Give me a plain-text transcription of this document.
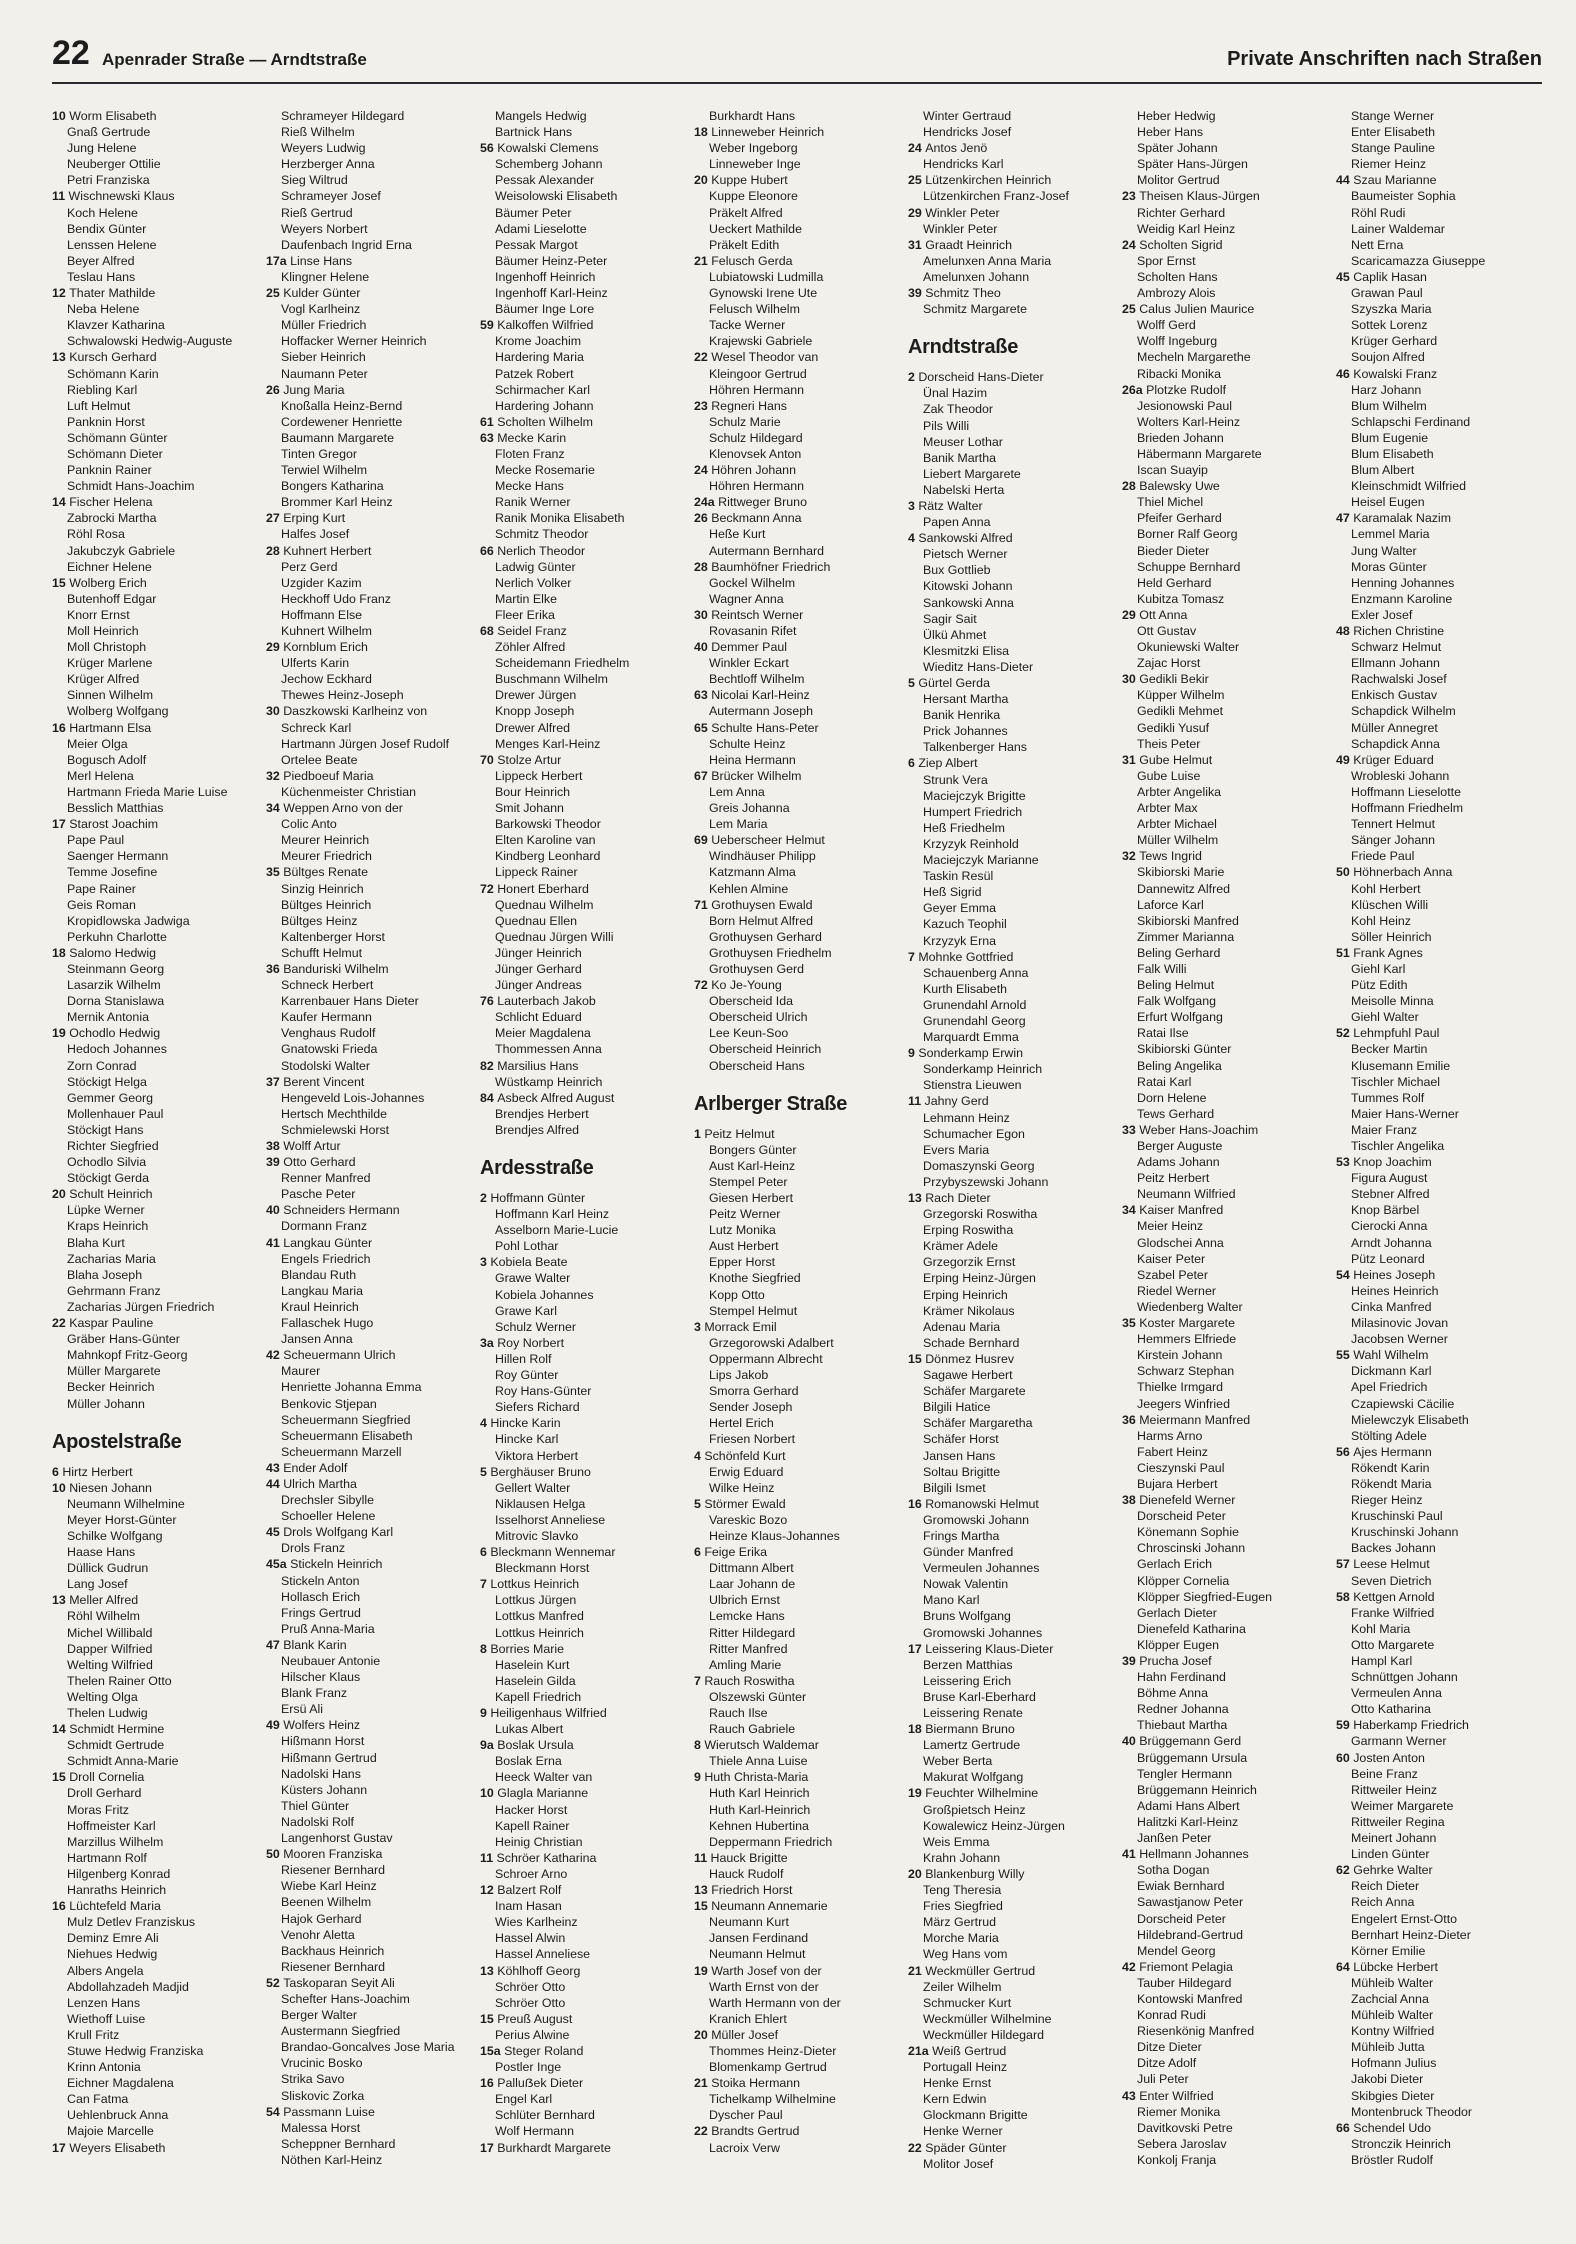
22 Apenrader Straße — Arndtstraße	Private Anschriften nach Straßen
10 Worm Elisabeth
Gnaß Gertrude
Jung Helene
Neuberger Ottilie
Petri Franziska
11 Wischnewski Klaus
Koch Helene
Bendix Günter
Lenssen Helene
Beyer Alfred
Teslau Hans
12 Thater Mathilde
Neba Helene
Klavzer Katharina
Schwalowski Hedwig-Auguste
13 Kursch Gerhard
Schömann Karin
Riebling Karl
Luft Helmut
Panknin Horst
Schömann Günter
Schömann Dieter
Panknin Rainer
Schmidt Hans-Joachim
14 Fischer Helena
Zabrocki Martha
Röhl Rosa
Jakubczyk Gabriele
Eichner Helene
15 Wolberg Erich
Butenhoff Edgar
Knorr Ernst
Moll Heinrich
Moll Christoph
Krüger Marlene
Krüger Alfred
Sinnen Wilhelm
Wolberg Wolfgang
16 Hartmann Elsa
Meier Olga
Bogusch Adolf
Merl Helena
Hartmann Frieda Marie Luise
Besslich Matthias
17 Starost Joachim
Pape Paul
Saenger Hermann
Temme Josefine
Pape Rainer
Geis Roman
Kropidlowska Jadwiga
Perkuhn Charlotte
18 Salomo Hedwig
Steinmann Georg
Lasarzik Wilhelm
Dorna Stanislawa
Mernik Antonia
19 Ochodlo Hedwig
Hedoch Johannes
Zorn Conrad
Stöckigt Helga
Gemmer Georg
Mollenhauer Paul
Stöckigt Hans
Richter Siegfried
Ochodlo Silvia
Stöckigt Gerda
20 Schult Heinrich
Lüpke Werner
Kraps Heinrich
Blaha Kurt
Zacharias Maria
Blaha Joseph
Gehrmann Franz
Zacharias Jürgen Friedrich
22 Kaspar Pauline
Gräber Hans-Günter
Mahnkopf Fritz-Georg
Müller Margarete
Becker Heinrich
Müller Johann
Apostelstraße
6 Hirtz Herbert
10 Niesen Johann
Neumann Wilhelmine
Meyer Horst-Günter
Schilke Wolfgang
Haase Hans
Düllick Gudrun
Lang Josef
13 Meller Alfred
Röhl Wilhelm
Michel Willibald
Dapper Wilfried
Welting Wilfried
Thelen Rainer Otto
Welting Olga
Thelen Ludwig
14 Schmidt Hermine
Schmidt Gertrude
Schmidt Anna-Marie
15 Droll Cornelia
Droll Gerhard
Moras Fritz
Hoffmeister Karl
Marzillus Wilhelm
Hartmann Rolf
Hilgenberg Konrad
Hanraths Heinrich
16 Lüchtefeld Maria
Mulz Detlev Franziskus
Deminz Emre Ali
Niehues Hedwig
Albers Angela
Abdollahzadeh Madjid
Lenzen Hans
Wiethoff Luise
Krull Fritz
Stuwe Hedwig Franziska
Krinn Antonia
Eichner Magdalena
Can Fatma
Uehlenbruck Anna
Majoie Marcelle
17 Weyers Elisabeth
Schrameyer Hildegard
Rieß Wilhelm
Weyers Ludwig
Herzberger Anna
Sieg Wiltrud
Schrameyer Josef
Rieß Gertrud
Weyers Norbert
Daufenbach Ingrid Erna
17a Linse Hans
Klingner Helene
25 Kulder Günter
Vogl Karlheinz
Müller Friedrich
Hoffacker Werner Heinrich
Sieber Heinrich
Naumann Peter
26 Jung Maria
Knoßalla Heinz-Bernd
Cordewener Henriette
Baumann Margarete
Tinten Gregor
Terwiel Wilhelm
Bongers Katharina
Brommer Karl Heinz
27 Erping Kurt
Halfes Josef
28 Kuhnert Herbert
Perz Gerd
Uzgider Kazim
Heckhoff Udo Franz
Hoffmann Else
Kuhnert Wilhelm
29 Kornblum Erich
Ulferts Karin
Jechow Eckhard
Thewes Heinz-Joseph
30 Daszkowski Karlheinz von
Schreck Karl
Hartmann Jürgen Josef Rudolf
Ortelee Beate
32 Piedboeuf Maria
Küchenmeister Christian
34 Weppen Arno von der
Colic Anto
Meurer Heinrich
Meurer Friedrich
35 Bültges Renate
Sinzig Heinrich
Bültges Heinrich
Bültges Heinz
Kaltenberger Horst
Schufft Helmut
36 Banduriski Wilhelm
Schneck Herbert
Karrenbauer Hans Dieter
Kaufer Hermann
Venghaus Rudolf
Gnatowski Frieda
Stodolski Walter
37 Berent Vincent
Hengeveld Lois-Johannes
Hertsch Mechthilde
Schmielewski Horst
38 Wolff Artur
39 Otto Gerhard
Renner Manfred
Pasche Peter
40 Schneiders Hermann
Dormann Franz
41 Langkau Günter
Engels Friedrich
Blandau Ruth
Langkau Maria
Kraul Heinrich
Fallaschek Hugo
Jansen Anna
42 Scheuermann Ulrich
Maurer
Henriette Johanna Emma
Benkovic Stjepan
Scheuermann Siegfried
Scheuermann Elisabeth
Scheuermann Marzell
43 Ender Adolf
44 Ulrich Martha
Drechsler Sibylle
Schoeller Helene
45 Drols Wolfgang Karl
Drols Franz
45a Stickeln Heinrich
Stickeln Anton
Hollasch Erich
Frings Gertrud
Pruß Anna-Maria
47 Blank Karin
Neubauer Antonie
Hilscher Klaus
Blank Franz
Ersü Ali
49 Wolfers Heinz
Hißmann Horst
Hißmann Gertrud
Nadolski Hans
Küsters Johann
Thiel Günter
Nadolski Rolf
Langenhorst Gustav
50 Mooren Franziska
Riesener Bernhard
Wiebe Karl Heinz
Beenen Wilhelm
Hajok Gerhard
Venohr Aletta
Backhaus Heinrich
Riesener Bernhard
52 Taskoparan Seyit Ali
Schefter Hans-Joachim
Berger Walter
Austermann Siegfried
Brandao-Goncalves Jose Maria
Vrucinic Bosko
Strika Savo
Sliskovic Zorka
54 Passmann Luise
Malessa Horst
Scheppner Bernhard
Nöthen Karl-Heinz
Mangels Hedwig
Bartnick Hans
56 Kowalski Clemens
Schemberg Johann
Pessak Alexander
Weisolowski Elisabeth
Bäumer Peter
Adami Lieselotte
Pessak Margot
Bäumer Heinz-Peter
Ingenhoff Heinrich
Ingenhoff Karl-Heinz
Bäumer Inge Lore
59 Kalkoffen Wilfried
Krome Joachim
Hardering Maria
Patzek Robert
Schirmacher Karl
Hardering Johann
61 Scholten Wilhelm
63 Mecke Karin
Floten Franz
Mecke Rosemarie
Mecke Hans
Ranik Werner
Ranik Monika Elisabeth
Schmitz Theodor
66 Nerlich Theodor
Ladwig Günter
Nerlich Volker
Martin Elke
Fleer Erika
68 Seidel Franz
Zöhler Alfred
Scheidemann Friedhelm
Buschmann Wilhelm
Drewer Jürgen
Knopp Joseph
Drewer Alfred
Menges Karl-Heinz
70 Stolze Artur
Lippeck Herbert
Bour Heinrich
Smit Johann
Barkowski Theodor
Elten Karoline van
Kindberg Leonhard
Lippeck Rainer
72 Honert Eberhard
Quednau Wilhelm
Quednau Ellen
Quednau Jürgen Willi
Jünger Heinrich
Jünger Gerhard
Jünger Andreas
76 Lauterbach Jakob
Schlicht Eduard
Meier Magdalena
Thommessen Anna
82 Marsilius Hans
Wüstkamp Heinrich
84 Asbeck Alfred August
Brendjes Herbert
Brendjes Alfred
Ardesstraße
2 Hoffmann Günter
Hoffmann Karl Heinz
Asselborn Marie-Lucie
Pohl Lothar
3 Kobiela Beate
Grawe Walter
Kobiela Johannes
Grawe Karl
Schulz Werner
3a Roy Norbert
Hillen Rolf
Roy Günter
Roy Hans-Günter
Siefers Richard
4 Hincke Karin
Hincke Karl
Viktora Herbert
5 Berghäuser Bruno
Gellert Walter
Niklausen Helga
Isselhorst Anneliese
Mitrovic Slavko
6 Bleckmann Wennemar
Bleckmann Horst
7 Lottkus Heinrich
Lottkus Jürgen
Lottkus Manfred
Lottkus Heinrich
8 Borries Marie
Haselein Kurt
Haselein Gilda
Kapell Friedrich
9 Heiligenhaus Wilfried
Lukas Albert
9a Boslak Ursula
Boslak Erna
Heeck Walter van
10 Glagla Marianne
Hacker Horst
Kapell Rainer
Heinig Christian
11 Schröer Katharina
Schroer Arno
12 Balzert Rolf
Inam Hasan
Wies Karlheinz
Hassel Alwin
Hassel Anneliese
13 Köhlhoff Georg
Schröer Otto
Schröer Otto
15 Preuß August
Perius Alwine
15a Steger Roland
Postler Inge
16 Palluẞek Dieter
Engel Karl
Schlüter Bernhard
Wolf Hermann
17 Burkhardt Margarete
Burkhardt Hans
18 Linneweber Heinrich
Weber Ingeborg
Linneweber Inge
20 Kuppe Hubert
Kuppe Eleonore
Präkelt Alfred
Ueckert Mathilde
Präkelt Edith
21 Felusch Gerda
Lubiatowski Ludmilla
Gynowski Irene Ute
Felusch Wilhelm
Tacke Werner
Krajewski Gabriele
22 Wesel Theodor van
Kleingoor Gertrud
Höhren Hermann
23 Regneri Hans
Schulz Marie
Schulz Hildegard
Klenovsek Anton
24 Höhren Johann
Höhren Hermann
24a Rittweger Bruno
26 Beckmann Anna
Heße Kurt
Autermann Bernhard
28 Baumhöfner Friedrich
Gockel Wilhelm
Wagner Anna
30 Reintsch Werner
Rovasanin Rifet
40 Demmer Paul
Winkler Eckart
Bechtloff Wilhelm
63 Nicolai Karl-Heinz
Autermann Joseph
65 Schulte Hans-Peter
Schulte Heinz
Heina Hermann
67 Brücker Wilhelm
Lem Anna
Greis Johanna
Lem Maria
69 Ueberscheer Helmut
Windhäuser Philipp
Katzmann Alma
Kehlen Almine
71 Grothuysen Ewald
Born Helmut Alfred
Grothuysen Gerhard
Grothuysen Friedhelm
Grothuysen Gerd
72 Ko Je-Young
Oberscheid Ida
Oberscheid Ulrich
Lee Keun-Soo
Oberscheid Heinrich
Oberscheid Hans
Arlberger Straße
1 Peitz Helmut
Bongers Günter
Aust Karl-Heinz
Stempel Peter
Giesen Herbert
Peitz Werner
Lutz Monika
Aust Herbert
Epper Horst
Knothe Siegfried
Kopp Otto
Stempel Helmut
3 Morrack Emil
Grzegorowski Adalbert
Oppermann Albrecht
Lips Jakob
Smorra Gerhard
Sender Joseph
Hertel Erich
Friesen Norbert
4 Schönfeld Kurt
Erwig Eduard
Wilke Heinz
5 Störmer Ewald
Vareskic Bozo
Heinze Klaus-Johannes
6 Feige Erika
Dittmann Albert
Laar Johann de
Ulbrich Ernst
Lemcke Hans
Ritter Hildegard
Ritter Manfred
Amling Marie
7 Rauch Roswitha
Olszewski Günter
Rauch Ilse
Rauch Gabriele
8 Wierutsch Waldemar
Thiele Anna Luise
9 Huth Christa-Maria
Huth Karl Heinrich
Huth Karl-Heinrich
Kehnen Hubertina
Deppermann Friedrich
11 Hauck Brigitte
Hauck Rudolf
13 Friedrich Horst
15 Neumann Annemarie
Neumann Kurt
Jansen Ferdinand
Neumann Helmut
19 Warth Josef von der
Warth Ernst von der
Warth Hermann von der
Kranich Ehlert
20 Müller Josef
Thommes Heinz-Dieter
Blomenkamp Gertrud
21 Stoika Hermann
Tichelkamp Wilhelmine
Dyscher Paul
22 Brandts Gertrud
Lacroix Verw
Winter Gertraud
Hendricks Josef
24 Antos Jenö
Hendricks Karl
25 Lützenkirchen Heinrich
Lützenkirchen Franz-Josef
29 Winkler Peter
Winkler Peter
31 Graadt Heinrich
Amelunxen Anna Maria
Amelunxen Johann
39 Schmitz Theo
Schmitz Margarete
Arndtstraße
2 Dorscheid Hans-Dieter
Ünal Hazim
Zak Theodor
Pils Willi
Meuser Lothar
Banik Martha
Liebert Margarete
Nabelski Herta
3 Rätz Walter
Papen Anna
4 Sankowski Alfred
Pietsch Werner
Bux Gottlieb
Kitowski Johann
Sankowski Anna
Sagir Sait
Ülkü Ahmet
Klesmitzki Elisa
Wieditz Hans-Dieter
5 Gürtel Gerda
Hersant Martha
Banik Henrika
Prick Johannes
Talkenberger Hans
6 Ziep Albert
Strunk Vera
Maciejczyk Brigitte
Humpert Friedrich
Heß Friedhelm
Krzyzyk Reinhold
Maciejczyk Marianne
Taskin Resül
Heß Sigrid
Geyer Emma
Kazuch Teophil
Krzyzyk Erna
7 Mohnke Gottfried
Schauenberg Anna
Kurth Elisabeth
Grunendahl Arnold
Grunendahl Georg
Marquardt Emma
9 Sonderkamp Erwin
Sonderkamp Heinrich
Stienstra Lieuwen
11 Jahny Gerd
Lehmann Heinz
Schumacher Egon
Evers Maria
Domaszynski Georg
Przybyszewski Johann
13 Rach Dieter
Grzegorski Roswitha
Erping Roswitha
Krämer Adele
Grzegorzik Ernst
Erping Heinz-Jürgen
Erping Heinrich
Krämer Nikolaus
Adenau Maria
Schade Bernhard
15 Dönmez Husrev
Sagawe Herbert
Schäfer Margarete
Bilgili Hatice
Schäfer Margaretha
Schäfer Horst
Jansen Hans
Soltau Brigitte
Bilgili Ismet
16 Romanowski Helmut
Gromowski Johann
Frings Martha
Günder Manfred
Vermeulen Johannes
Nowak Valentin
Mano Karl
Bruns Wolfgang
Gromowski Johannes
17 Leissering Klaus-Dieter
Berzen Matthias
Leissering Erich
Bruse Karl-Eberhard
Leissering Renate
18 Biermann Bruno
Lamertz Gertrude
Weber Berta
Makurat Wolfgang
19 Feuchter Wilhelmine
Großpietsch Heinz
Kowalewicz Heinz-Jürgen
Weis Emma
Krahn Johann
20 Blankenburg Willy
Teng Theresia
Fries Siegfried
März Gertrud
Morche Maria
Weg Hans vom
21 Weckmüller Gertrud
Zeiler Wilhelm
Schmucker Kurt
Weckmüller Wilhelmine
Weckmüller Hildegard
21a Weiß Gertrud
Portugall Heinz
Henke Ernst
Kern Edwin
Glockmann Brigitte
Henke Werner
22 Späder Günter
Molitor Josef
Heber Hedwig
Heber Hans
Später Johann
Später Hans-Jürgen
Molitor Gertrud
23 Theisen Klaus-Jürgen
Richter Gerhard
Weidig Karl Heinz
24 Scholten Sigrid
Spor Ernst
Scholten Hans
Ambrozy Alois
25 Calus Julien Maurice
Wolff Gerd
Wolff Ingeburg
Mecheln Margarethe
Ribacki Monika
26a Plotzke Rudolf
Jesionowski Paul
Wolters Karl-Heinz
Brieden Johann
Häbermann Margarete
Iscan Suayip
28 Balewsky Uwe
Thiel Michel
Pfeifer Gerhard
Borner Ralf Georg
Bieder Dieter
Schuppe Bernhard
Held Gerhard
Kubitza Tomasz
29 Ott Anna
Ott Gustav
Okuniewski Walter
Zajac Horst
30 Gedikli Bekir
Küpper Wilhelm
Gedikli Mehmet
Gedikli Yusuf
Theis Peter
31 Gube Helmut
Gube Luise
Arbter Angelika
Arbter Max
Arbter Michael
Müller Wilhelm
32 Tews Ingrid
Skibiorski Marie
Dannewitz Alfred
Laforce Karl
Skibiorski Manfred
Zimmer Marianna
Beling Gerhard
Falk Willi
Beling Helmut
Falk Wolfgang
Erfurt Wolfgang
Ratai Ilse
Skibiorski Günter
Beling Angelika
Ratai Karl
Dorn Helene
Tews Gerhard
33 Weber Hans-Joachim
Berger Auguste
Adams Johann
Peitz Herbert
Neumann Wilfried
34 Kaiser Manfred
Meier Heinz
Glodschei Anna
Kaiser Peter
Szabel Peter
Riedel Werner
Wiedenberg Walter
35 Koster Margarete
Hemmers Elfriede
Kirstein Johann
Schwarz Stephan
Thielke Irmgard
Jeegers Winfried
36 Meiermann Manfred
Harms Arno
Fabert Heinz
Cieszynski Paul
Bujara Herbert
38 Dienefeld Werner
Dorscheid Peter
Könemann Sophie
Chroscinski Johann
Gerlach Erich
Klöpper Cornelia
Klöpper Siegfried-Eugen
Gerlach Dieter
Dienefeld Katharina
Klöpper Eugen
39 Prucha Josef
Hahn Ferdinand
Böhme Anna
Redner Johanna
Thiebaut Martha
40 Brüggemann Gerd
Brüggemann Ursula
Tengler Hermann
Brüggemann Heinrich
Adami Hans Albert
Halitzki Karl-Heinz
Janßen Peter
41 Hellmann Johannes
Sotha Dogan
Ewiak Bernhard
Sawastjanow Peter
Dorscheid Peter
Hildebrand-Gertrud
Mendel Georg
42 Friemont Pelagia
Tauber Hildegard
Kontowski Manfred
Konrad Rudi
Riesenkönig Manfred
Ditze Dieter
Ditze Adolf
Juli Peter
43 Enter Wilfried
Riemer Monika
Davitkovski Petre
Sebera Jaroslav
Konkolj Franja
Stange Werner
Enter Elisabeth
Stange Pauline
Riemer Heinz
44 Szau Marianne
Baumeister Sophia
Röhl Rudi
Lainer Waldemar
Nett Erna
Scaricamazza Giuseppe
45 Caplik Hasan
Grawan Paul
Szyszka Maria
Sottek Lorenz
Krüger Gerhard
Soujon Alfred
46 Kowalski Franz
Harz Johann
Blum Wilhelm
Schlapschi Ferdinand
Blum Eugenie
Blum Elisabeth
Blum Albert
Kleinschmidt Wilfried
Heisel Eugen
47 Karamalak Nazim
Lemmel Maria
Jung Walter
Moras Günter
Henning Johannes
Enzmann Karoline
Exler Josef
48 Richen Christine
Schwarz Helmut
Ellmann Johann
Rachwalski Josef
Enkisch Gustav
Schapdick Wilhelm
Müller Annegret
Schapdick Anna
49 Krüger Eduard
Wrobleski Johann
Hoffmann Lieselotte
Hoffmann Friedhelm
Tennert Helmut
Sänger Johann
Friede Paul
50 Höhnerbach Anna
Kohl Herbert
Klüschen Willi
Kohl Heinz
Söller Heinrich
51 Frank Agnes
Giehl Karl
Pütz Edith
Meisolle Minna
Giehl Walter
52 Lehmpfuhl Paul
Becker Martin
Klusemann Emilie
Tischler Michael
Tummes Rolf
Maier Hans-Werner
Maier Franz
Tischler Angelika
53 Knop Joachim
Figura August
Stebner Alfred
Knop Bärbel
Cierocki Anna
Arndt Johanna
Pütz Leonard
54 Heines Joseph
Heines Heinrich
Cinka Manfred
Milasinovic Jovan
Jacobsen Werner
55 Wahl Wilhelm
Dickmann Karl
Apel Friedrich
Czapiewski Cäcilie
Mielewczyk Elisabeth
Stölting Adele
56 Ajes Hermann
Rökendt Karin
Rökendt Maria
Rieger Heinz
Kruschinski Paul
Kruschinski Johann
Backes Johann
57 Leese Helmut
Seven Dietrich
58 Kettgen Arnold
Franke Wilfried
Kohl Maria
Otto Margarete
Hampl Karl
Schnüttgen Johann
Vermeulen Anna
Otto Katharina
59 Haberkamp Friedrich
Garmann Werner
60 Josten Anton
Beine Franz
Rittweiler Heinz
Weimer Margarete
Rittweiler Regina
Meinert Johann
Linden Günter
62 Gehrke Walter
Reich Dieter
Reich Anna
Engelert Ernst-Otto
Bernhart Heinz-Dieter
Körner Emilie
64 Lübcke Herbert
Mühleib Walter
Zachcial Anna
Mühleib Walter
Kontny Wilfried
Mühleib Jutta
Hofmann Julius
Jakobi Dieter
Skibgies Dieter
Montenbruck Theodor
66 Schendel Udo
Stronczik Heinrich
Bröstler Rudolf
